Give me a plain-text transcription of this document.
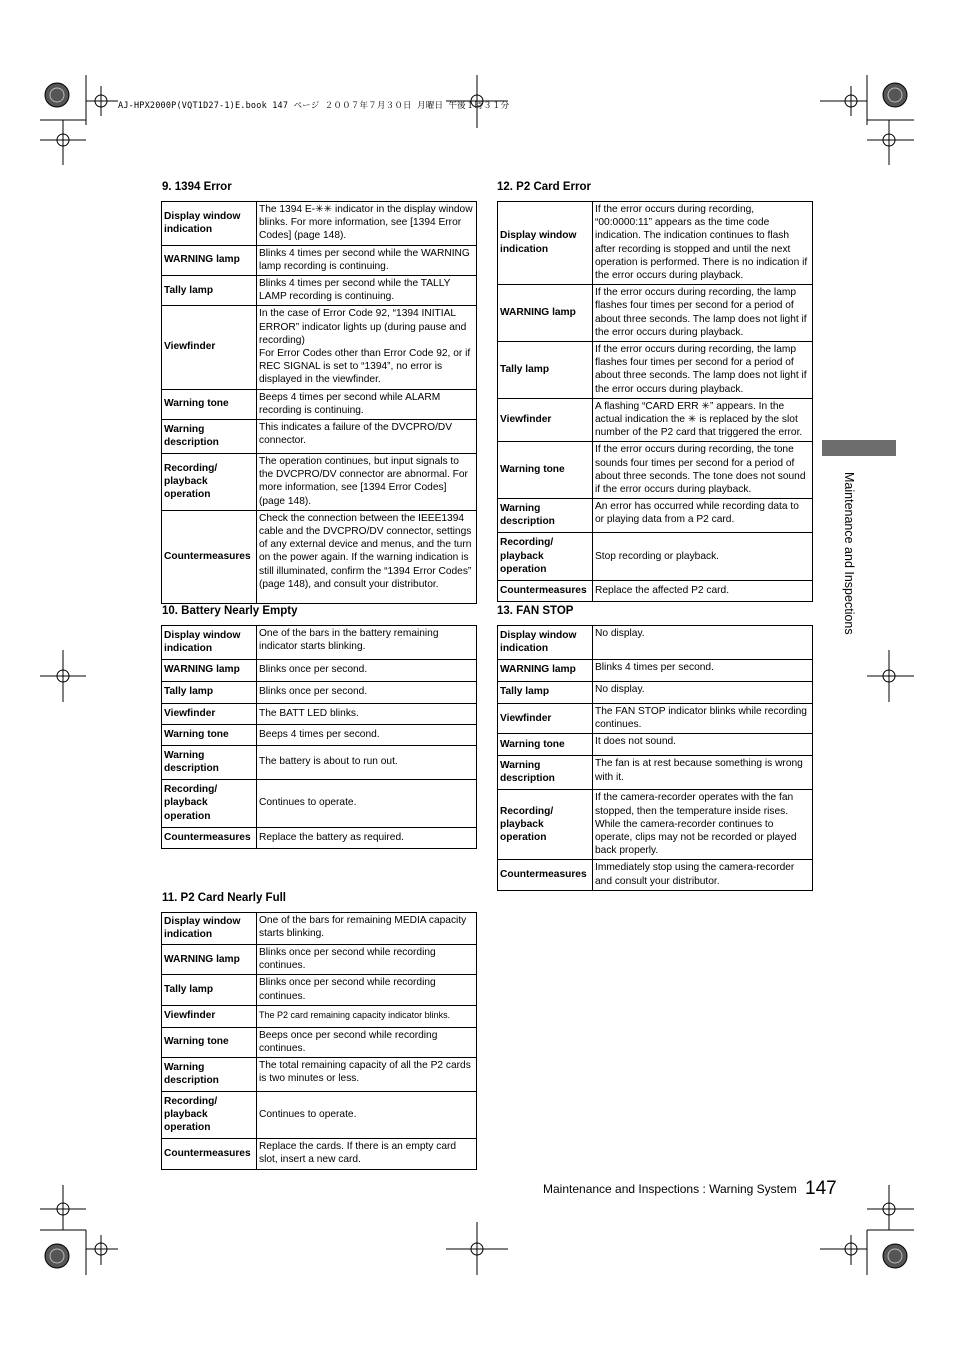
AJ-HPX2000P(VQT1D27-1)E.book 147 ページ ２００７年７月３０日 月曜日 午後１時３１分
9. 1394 Error
Display window indication	The 1394 E-✳✳ indicator in the display window blinks. For more information, see [1394 Error Codes] (page 148).
WARNING lamp	Blinks 4 times per second while the WARNING lamp recording is continuing.
Tally lamp	Blinks 4 times per second while the TALLY LAMP recording is continuing.
Viewfinder	In the case of Error Code 92, “1394 INITIAL ERROR” indicator lights up (during pause and recording)
For Error Codes other than Error Code 92, or if REC SIGNAL is set to “1394”, no error is displayed in the viewfinder.
Warning tone	Beeps 4 times per second while ALARM recording is continuing.
Warning description	This indicates a failure of the DVCPRO/DV connector.
Recording/ playback operation	The operation continues, but input signals to the DVCPRO/DV connector are abnormal. For more information, see [1394 Error Codes] (page 148).
Countermeasures	Check the connection between the IEEE1394 cable and the DVCPRO/DV connector, settings of any external device and menus, and the turn on the power again. If the warning indication is still illuminated, confirm the “1394 Error Codes” (page 148), and consult your distributor.
10. Battery Nearly Empty
Display window indication	One of the bars in the battery remaining indicator starts blinking.
WARNING lamp	Blinks once per second.
Tally lamp	Blinks once per second.
Viewfinder	The BATT LED blinks.
Warning tone	Beeps 4 times per second.
Warning description	The battery is about to run out.
Recording/ playback operation	Continues to operate.
Countermeasures	Replace the battery as required.
11. P2 Card Nearly Full
Display window indication	One of the bars for remaining MEDIA capacity starts blinking.
WARNING lamp	Blinks once per second while recording continues.
Tally lamp	Blinks once per second while recording continues.
Viewfinder	The P2 card remaining capacity indicator blinks.
Warning tone	Beeps once per second while recording continues.
Warning description	The total remaining capacity of all the P2 cards is two minutes or less.
Recording/ playback operation	Continues to operate.
Countermeasures	Replace the cards. If there is an empty card slot, insert a new card.
12. P2 Card Error
Display window indication	If the error occurs during recording, “00:0000:11” appears as the time code indication. The indication continues to flash after recording is stopped and until the next operation is performed. There is no indication if the error occurs during playback.
WARNING lamp	If the error occurs during recording, the lamp flashes four times per second for a period of about three seconds. The lamp does not light if the error occurs during playback.
Tally lamp	If the error occurs during recording, the lamp flashes four times per second for a period of about three seconds. The lamp does not light if the error occurs during playback.
Viewfinder	A flashing “CARD ERR ✳” appears. In the actual indication the ✳ is replaced by the slot number of the P2 card that triggered the error.
Warning tone	If the error occurs during recording, the tone sounds four times per second for a period of about three seconds. The tone does not sound if the error occurs during playback.
Warning description	An error has occurred while recording data to or playing data from a P2 card.
Recording/ playback operation	Stop recording or playback.
Countermeasures	Replace the affected P2 card.
13. FAN STOP
Display window indication	No display.
WARNING lamp	Blinks 4 times per second.
Tally lamp	No display.
Viewfinder	The FAN STOP indicator blinks while recording continues.
Warning tone	It does not sound.
Warning description	The fan is at rest because something is wrong with it.
Recording/ playback operation	If the camera-recorder operates with the fan stopped, then the temperature inside rises. While the camera-recorder continues to operate, clips may not be recorded or played back properly.
Countermeasures	Immediately stop using the camera-recorder and consult your distributor.
Maintenance and Inspections
Maintenance and Inspections : Warning System 147
